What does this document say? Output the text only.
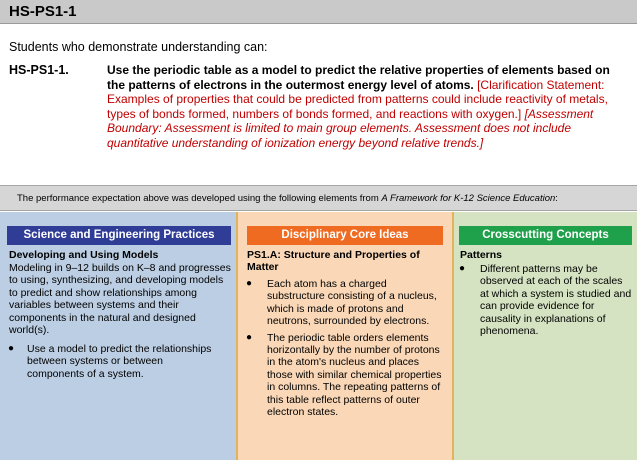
HS-PS1-1
Students who demonstrate understanding can:
HS-PS1-1.	Use the periodic table as a model to predict the relative properties of elements based on the patterns of electrons in the outermost energy level of atoms. [Clarification Statement: Examples of properties that could be predicted from patterns could include reactivity of metals, types of bonds formed, numbers of bonds formed, and reactions with oxygen.] [Assessment Boundary: Assessment is limited to main group elements. Assessment does not include quantitative understanding of ionization energy beyond relative trends.]
The performance expectation above was developed using the following elements from A Framework for K-12 Science Education:
Science and Engineering Practices
Developing and Using Models
Modeling in 9–12 builds on K–8 and progresses to using, synthesizing, and developing models to predict and show relationships among variables between systems and their components in the natural and designed world(s).
● Use a model to predict the relationships between systems or between components of a system.
Disciplinary Core Ideas
PS1.A: Structure and Properties of Matter
● Each atom has a charged substructure consisting of a nucleus, which is made of protons and neutrons, surrounded by electrons.
● The periodic table orders elements horizontally by the number of protons in the atom's nucleus and places those with similar chemical properties in columns. The repeating patterns of this table reflect patterns of outer electron states.
Crosscutting Concepts
Patterns
● Different patterns may be observed at each of the scales at which a system is studied and can provide evidence for causality in explanations of phenomena.
